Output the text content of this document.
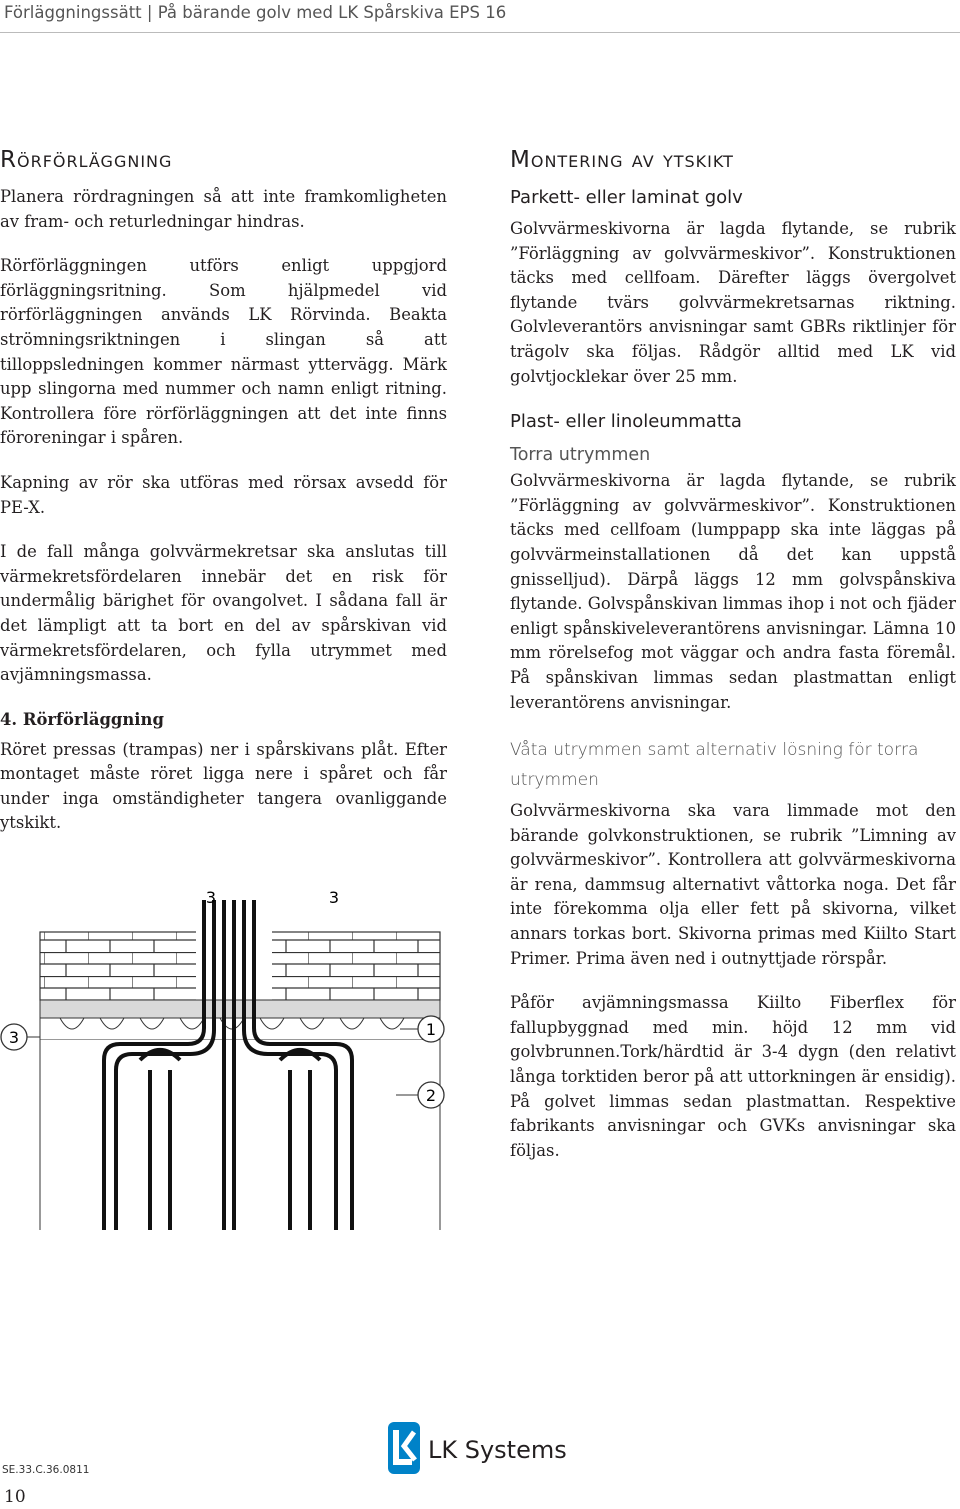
Förläggningssätt | På bärande golv med LK Spårskiva EPS 16
Rörförläggning

Planera rördragningen så att inte framkomligheten av fram- och returledningar hindras.

Rörförläggningen utförs enligt uppgjord förläggningsritning. Som hjälpmedel vid rörförläggningen används LK Rörvinda. Beakta strömningsriktningen i slingan så att tilloppsledningen kommer närmast yttervägg. Märk upp slingorna med nummer och namn enligt ritning. Kontrollera före rörförläggningen att det inte finns föroreningar i spåren.

Kapning av rör ska utföras med rörsax avsedd för PE-X.

I de fall många golvvärmekretsar ska anslutas till värmekretsfördelaren innebär det en risk för undermålig bärighet för ovangolvet. I sådana fall är det lämpligt att ta bort en del av spårskivan vid värmekretsfördelaren, och fylla utrymmet med avjämningsmassa.

4. Rörförläggning

Röret pressas (trampas) ner i spårskivans plåt. Efter montaget måste röret ligga nere i spåret och får under inga omständigheter tangera ovanliggande ytskikt.

3	3
3	1
2
Montering av ytskikt
Parkett- eller laminat golv

Golvvärmeskivorna är lagda flytande, se rubrik ”Förläggning av golvvärmeskivor”. Konstruktionen täcks med cellfoam. Därefter läggs övergolvet flytande tvärs golvvärmekretsarnas riktning. Golvleverantörs anvisningar samt GBRs riktlinjer för trägolv ska följas. Rådgör alltid med LK vid golvtjocklekar över 25 mm.

Plast- eller linoleummatta
Torra utrymmen

Golvvärmeskivorna är lagda flytande, se rubrik ”Förläggning av golvvärmeskivor”. Konstruktionen täcks med cellfoam (lumppapp ska inte läggas på golvvärmeinstallationen då det kan uppstå gnisselljud). Därpå läggs 12 mm golvspånskiva flytande. Golvspånskivan limmas ihop i not och fjäder enligt spånskiveleverantörens anvisningar. Lämna 10 mm rörelsefog mot väggar och andra fasta föremål. På spånskivan limmas sedan plastmattan enligt leverantörens anvisningar.

Våta utrymmen samt alternativ lösning för torra utrymmen

Golvvärmeskivorna ska vara limmade mot den bärande golvkonstruktionen, se rubrik ”Limning av golvvärmeskivor”. Kontrollera att golvvärmeskivorna är rena, dammsug alternativt våttorka noga. Det får inte förekomma olja eller fett på skivorna, vilket annars torkas bort. Skivorna primas med Kiilto Start Primer. Prima även ned i outnyttjade rörspår.

Påför avjämningsmassa Kiilto Fiberflex för fallupbyggnad med min. höjd 12 mm vid golvbrunnen.Tork/härdtid är 3-4 dygn (den relativt långa torktiden beror på att uttorkningen är ensidig). På golvet limmas sedan plastmattan. Respektive fabrikants anvisningar och GVKs anvisningar ska följas.

LK Systems
SE.33.C.36.0811
10
